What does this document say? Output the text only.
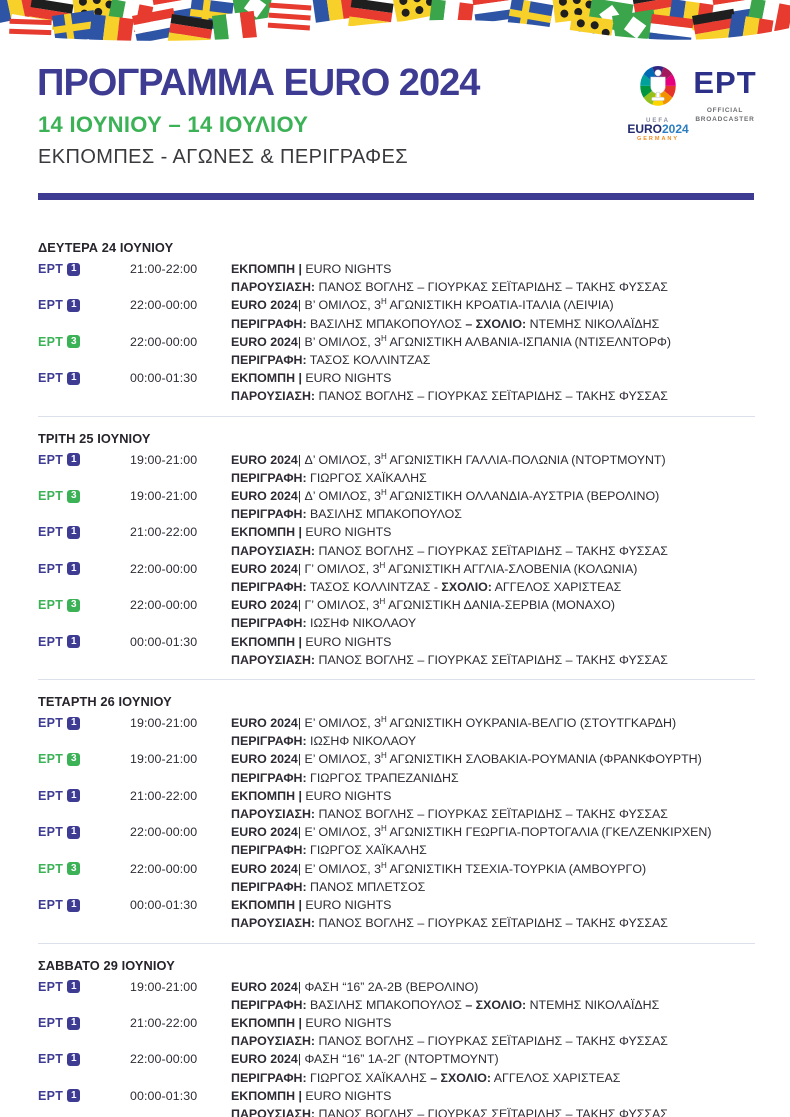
ΠΡΟΓΡΑΜΜΑ EURO 2024
14 ΙΟΥΝΙΟΥ – 14 ΙΟΥΛΙΟΥ
ΕΚΠΟΜΠΕΣ - ΑΓΩΝΕΣ & ΠΕΡΙΓΡΑΦΕΣ
UEFA
EURO2024
GERMANY
ΕΡΤ
OFFICIAL
BROADCASTER
ΔΕΥΤΕΡΑ 24 ΙΟΥΝΙΟΥ
ΕΡΤ 1	21:00-22:00	ΕΚΠΟΜΠΗ | EURO NIGHTS
ΠΑΡΟΥΣΙΑΣΗ: ΠΑΝΟΣ ΒΟΓΛΗΣ – ΓΙΟΥΡΚΑΣ ΣΕΪΤΑΡΙΔΗΣ – ΤΑΚΗΣ ΦΥΣΣΑΣ
ΕΡΤ 1	22:00-00:00	EURO 2024| Β’ ΟΜΙΛΟΣ, $3^H$ ΑΓΩΝΙΣΤΙΚΗ ΚΡΟΑΤΙΑ-ΙΤΑΛΙΑ (ΛΕΙΨΙΑ)
ΠΕΡΙΓΡΑΦΗ: ΒΑΣΙΛΗΣ ΜΠΑΚΟΠΟΥΛΟΣ – ΣΧΟΛΙΟ: ΝΤΕΜΗΣ ΝΙΚΟΛΑΪΔΗΣ
ΕΡΤ 3	22:00-00:00	EURO 2024| Β’ ΟΜΙΛΟΣ, $3^H$ ΑΓΩΝΙΣΤΙΚΗ ΑΛΒΑΝΙΑ-ΙΣΠΑΝΙΑ (ΝΤΙΣΕΛΝΤΟΡΦ)
ΠΕΡΙΓΡΑΦΗ: ΤΑΣΟΣ ΚΟΛΛΙΝΤΖΑΣ
ΕΡΤ 1	00:00-01:30	ΕΚΠΟΜΠΗ | EURO NIGHTS
ΠΑΡΟΥΣΙΑΣΗ: ΠΑΝΟΣ ΒΟΓΛΗΣ – ΓΙΟΥΡΚΑΣ ΣΕΪΤΑΡΙΔΗΣ – ΤΑΚΗΣ ΦΥΣΣΑΣ
ΤΡΙΤΗ 25 ΙΟΥΝΙΟΥ
ΕΡΤ 1	19:00-21:00	EURO 2024| Δ’ ΟΜΙΛΟΣ, $3^H$ ΑΓΩΝΙΣΤΙΚΗ ΓΑΛΛΙΑ-ΠΟΛΩΝΙΑ (ΝΤΟΡΤΜΟΥΝΤ)
ΠΕΡΙΓΡΑΦΗ: ΓΙΩΡΓΟΣ ΧΑΪΚΑΛΗΣ
ΕΡΤ 3	19:00-21:00	EURO 2024| Δ’ ΟΜΙΛΟΣ, $3^H$ ΑΓΩΝΙΣΤΙΚΗ ΟΛΛΑΝΔΙΑ-ΑΥΣΤΡΙΑ (ΒΕΡΟΛΙΝΟ)
ΠΕΡΙΓΡΑΦΗ: ΒΑΣΙΛΗΣ ΜΠΑΚΟΠΟΥΛΟΣ
ΕΡΤ 1	21:00-22:00	ΕΚΠΟΜΠΗ | EURO NIGHTS
ΠΑΡΟΥΣΙΑΣΗ: ΠΑΝΟΣ ΒΟΓΛΗΣ – ΓΙΟΥΡΚΑΣ ΣΕΪΤΑΡΙΔΗΣ – ΤΑΚΗΣ ΦΥΣΣΑΣ
ΕΡΤ 1	22:00-00:00	EURO 2024| Γ’ ΟΜΙΛΟΣ, $3^H$ ΑΓΩΝΙΣΤΙΚΗ ΑΓΓΛΙΑ-ΣΛΟΒΕΝΙΑ (ΚΟΛΩΝΙΑ)
ΠΕΡΙΓΡΑΦΗ: ΤΑΣΟΣ ΚΟΛΛΙΝΤΖΑΣ - ΣΧΟΛΙΟ: ΑΓΓΕΛΟΣ ΧΑΡΙΣΤΕΑΣ
ΕΡΤ 3	22:00-00:00	EURO 2024| Γ’ ΟΜΙΛΟΣ, $3^H$ ΑΓΩΝΙΣΤΙΚΗ ΔΑΝΙΑ-ΣΕΡΒΙΑ (ΜΟΝΑΧΟ)
ΠΕΡΙΓΡΑΦΗ: ΙΩΣΗΦ ΝΙΚΟΛΑΟΥ
ΕΡΤ 1	00:00-01:30	ΕΚΠΟΜΠΗ | EURO NIGHTS
ΠΑΡΟΥΣΙΑΣΗ: ΠΑΝΟΣ ΒΟΓΛΗΣ – ΓΙΟΥΡΚΑΣ ΣΕΪΤΑΡΙΔΗΣ – ΤΑΚΗΣ ΦΥΣΣΑΣ
ΤΕΤΑΡΤΗ 26 ΙΟΥΝΙΟΥ
ΕΡΤ 1	19:00-21:00	EURO 2024| Ε’ ΟΜΙΛΟΣ, $3^H$ ΑΓΩΝΙΣΤΙΚΗ ΟΥΚΡΑΝΙΑ-ΒΕΛΓΙΟ (ΣΤΟΥΤΓΚΑΡΔΗ)
ΠΕΡΙΓΡΑΦΗ: ΙΩΣΗΦ ΝΙΚΟΛΑΟΥ
ΕΡΤ 3	19:00-21:00	EURO 2024| Ε’ ΟΜΙΛΟΣ, $3^H$ ΑΓΩΝΙΣΤΙΚΗ ΣΛΟΒΑΚΙΑ-ΡΟΥΜΑΝΙΑ (ΦΡΑΝΚΦΟΥΡΤΗ)
ΠΕΡΙΓΡΑΦΗ: ΓΙΩΡΓΟΣ ΤΡΑΠΕΖΑΝΙΔΗΣ
ΕΡΤ 1	21:00-22:00	ΕΚΠΟΜΠΗ | EURO NIGHTS
ΠΑΡΟΥΣΙΑΣΗ: ΠΑΝΟΣ ΒΟΓΛΗΣ – ΓΙΟΥΡΚΑΣ ΣΕΪΤΑΡΙΔΗΣ – ΤΑΚΗΣ ΦΥΣΣΑΣ
ΕΡΤ 1	22:00-00:00	EURO 2024| Ε’ ΟΜΙΛΟΣ, $3^H$ ΑΓΩΝΙΣΤΙΚΗ ΓΕΩΡΓΙΑ-ΠΟΡΤΟΓΑΛΙΑ (ΓΚΕΛΖΕΝΚΙΡΧΕΝ)
ΠΕΡΙΓΡΑΦΗ: ΓΙΩΡΓΟΣ ΧΑΪΚΑΛΗΣ
ΕΡΤ 3	22:00-00:00	EURO 2024| Ε’ ΟΜΙΛΟΣ, $3^H$ ΑΓΩΝΙΣΤΙΚΗ ΤΣΕΧΙΑ-ΤΟΥΡΚΙΑ (ΑΜΒΟΥΡΓΟ)
ΠΕΡΙΓΡΑΦΗ: ΠΑΝΟΣ ΜΠΛΕΤΣΟΣ
ΕΡΤ 1	00:00-01:30	ΕΚΠΟΜΠΗ | EURO NIGHTS
ΠΑΡΟΥΣΙΑΣΗ: ΠΑΝΟΣ ΒΟΓΛΗΣ – ΓΙΟΥΡΚΑΣ ΣΕΪΤΑΡΙΔΗΣ – ΤΑΚΗΣ ΦΥΣΣΑΣ
ΣΑΒΒΑΤΟ 29 ΙΟΥΝΙΟΥ
ΕΡΤ 1	19:00-21:00	EURO 2024| ΦΑΣΗ “16” 2Α-2Β (ΒΕΡΟΛΙΝΟ)
ΠΕΡΙΓΡΑΦΗ: ΒΑΣΙΛΗΣ ΜΠΑΚΟΠΟΥΛΟΣ – ΣΧΟΛΙΟ: ΝΤΕΜΗΣ ΝΙΚΟΛΑΪΔΗΣ
ΕΡΤ 1	21:00-22:00	ΕΚΠΟΜΠΗ | EURO NIGHTS
ΠΑΡΟΥΣΙΑΣΗ: ΠΑΝΟΣ ΒΟΓΛΗΣ – ΓΙΟΥΡΚΑΣ ΣΕΪΤΑΡΙΔΗΣ – ΤΑΚΗΣ ΦΥΣΣΑΣ
ΕΡΤ 1	22:00-00:00	EURO 2024| ΦΑΣΗ “16” 1Α-2Γ (ΝΤΟΡΤΜΟΥΝΤ)
ΠΕΡΙΓΡΑΦΗ: ΓΙΩΡΓΟΣ ΧΑΪΚΑΛΗΣ – ΣΧΟΛΙΟ: ΑΓΓΕΛΟΣ ΧΑΡΙΣΤΕΑΣ
ΕΡΤ 1	00:00-01:30	ΕΚΠΟΜΠΗ | EURO NIGHTS
ΠΑΡΟΥΣΙΑΣΗ: ΠΑΝΟΣ ΒΟΓΛΗΣ – ΓΙΟΥΡΚΑΣ ΣΕΪΤΑΡΙΔΗΣ – ΤΑΚΗΣ ΦΥΣΣΑΣ
